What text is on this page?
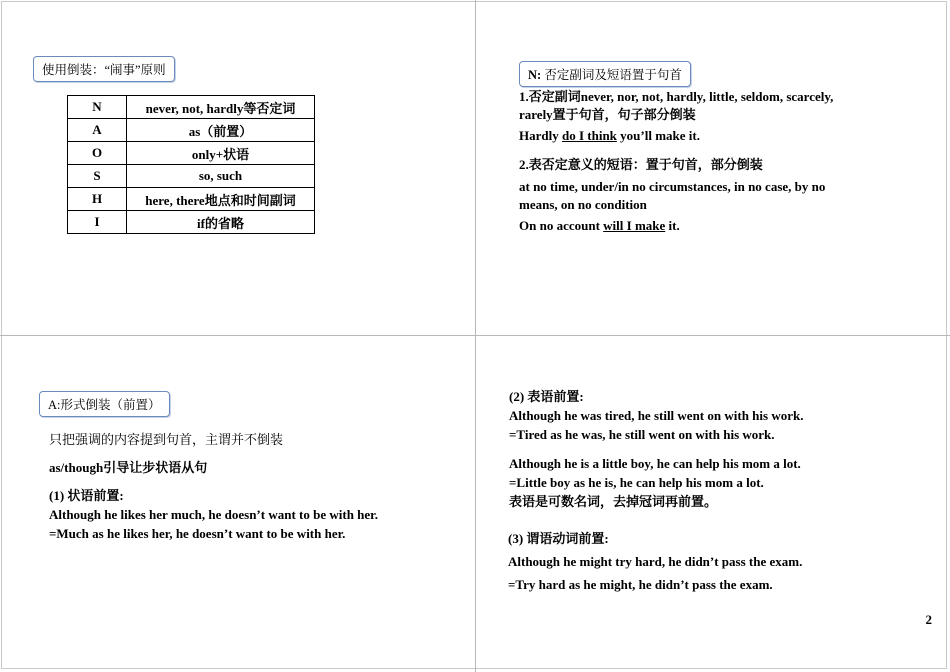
使用倒装：“闹事”原则
N	never, not, hardly等否定词
A	as（前置）
O	only+状语
S	so, such
H	here, there地点和时间副词
I	if的省略
N: 否定副词及短语置于句首
1.否定副词never, nor, not, hardly, little, seldom, scarcely, rarely置于句首，句子部分倒装
Hardly do I think you’ll make it.
2.表否定意义的短语：置于句首，部分倒装
at no time, under/in no circumstances, in no case, by no means, on no condition
On no account will I make it.
A:形式倒装（前置）
只把强调的内容提到句首，主谓并不倒装
as/though引导让步状语从句
(1) 状语前置:
Although he likes her much, he doesn’t want to be with her.
=Much as he likes her, he doesn’t want to be with her.
(2) 表语前置:
Although he was tired, he still went on with his work.
=Tired as he was, he still went on with his work.
Although he is a little boy, he can help his mom a lot.
=Little boy as he is, he can help his mom a lot.
表语是可数名词，去掉冠词再前置。
(3) 谓语动词前置:
Although he might try hard, he didn’t pass the exam.
=Try hard as he might, he didn’t pass the exam.
2
